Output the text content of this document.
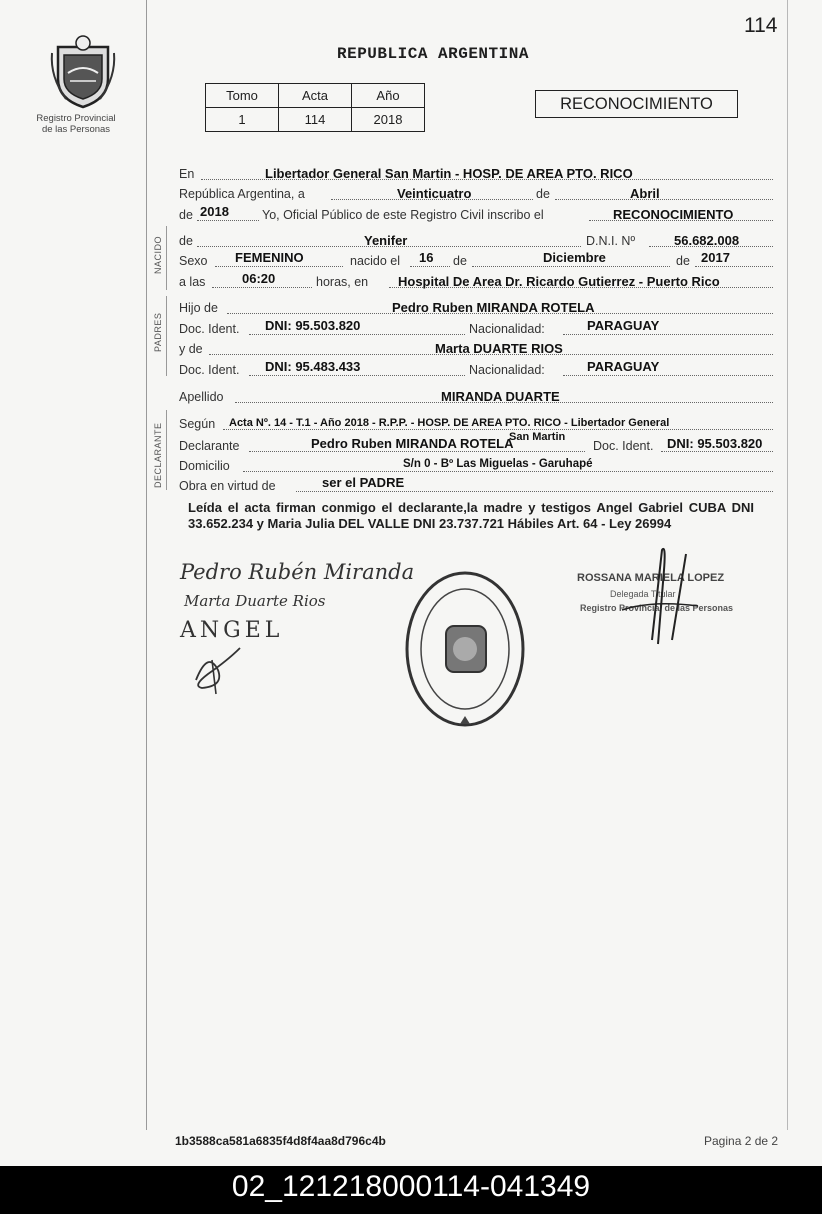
114
Registro Provincial
de las Personas
REPUBLICA ARGENTINA
Tomo	Acta	Año
1	114	2018
RECONOCIMIENTO
En	Libertador General San Martin - HOSP. DE AREA PTO. RICO
República Argentina, a	Veinticuatro	de	Abril
de 2018	Yo, Oficial Público de este Registro Civil inscribo el	RECONOCIMIENTO
NACIDO de	Yenifer	D.N.I. Nº	56.682.008
Sexo FEMENINO	nacido el 16 de	Diciembre	de 2017
a las	06:20	horas, en Hospital De Area Dr. Ricardo Gutierrez - Puerto Rico
PADRES
Hijo de	Pedro Ruben MIRANDA ROTELA
Doc. Ident. DNI: 95.503.820	Nacionalidad:	PARAGUAY
y de	Marta DUARTE RIOS
Doc. Ident. DNI: 95.483.433	Nacionalidad:	PARAGUAY
Apellido	MIRANDA DUARTE
DECLARANTE Según Acta Nº. 14 - T.1 - Año 2018 - R.P.P. - HOSP. DE AREA PTO. RICO - Libertador General
Declarante	Pedro Ruben MIRANDA ROTELA
San Martin
Doc. Ident. DNI: 95.503.820
Domicilio	S/n 0 - Bº Las Miguelas - Garuhapé
Obra en virtud de	ser el PADRE
Leída el acta firman conmigo el declarante,la madre y testigos Angel Gabriel CUBA DNI 33.652.234 y Maria Julia DEL VALLE DNI 23.737.721 Hábiles Art. 64 - Ley 26994
Pedro Rubén Miranda
Marta Duarte Rios
ANGEL
ROSSANA MARIELA LOPEZ
Delegada Titular
Registro Provincial de las Personas
1b3588ca581a6835f4d8f4aa8d796c4b	Pagina 2 de 2
02_121218000114-041349
